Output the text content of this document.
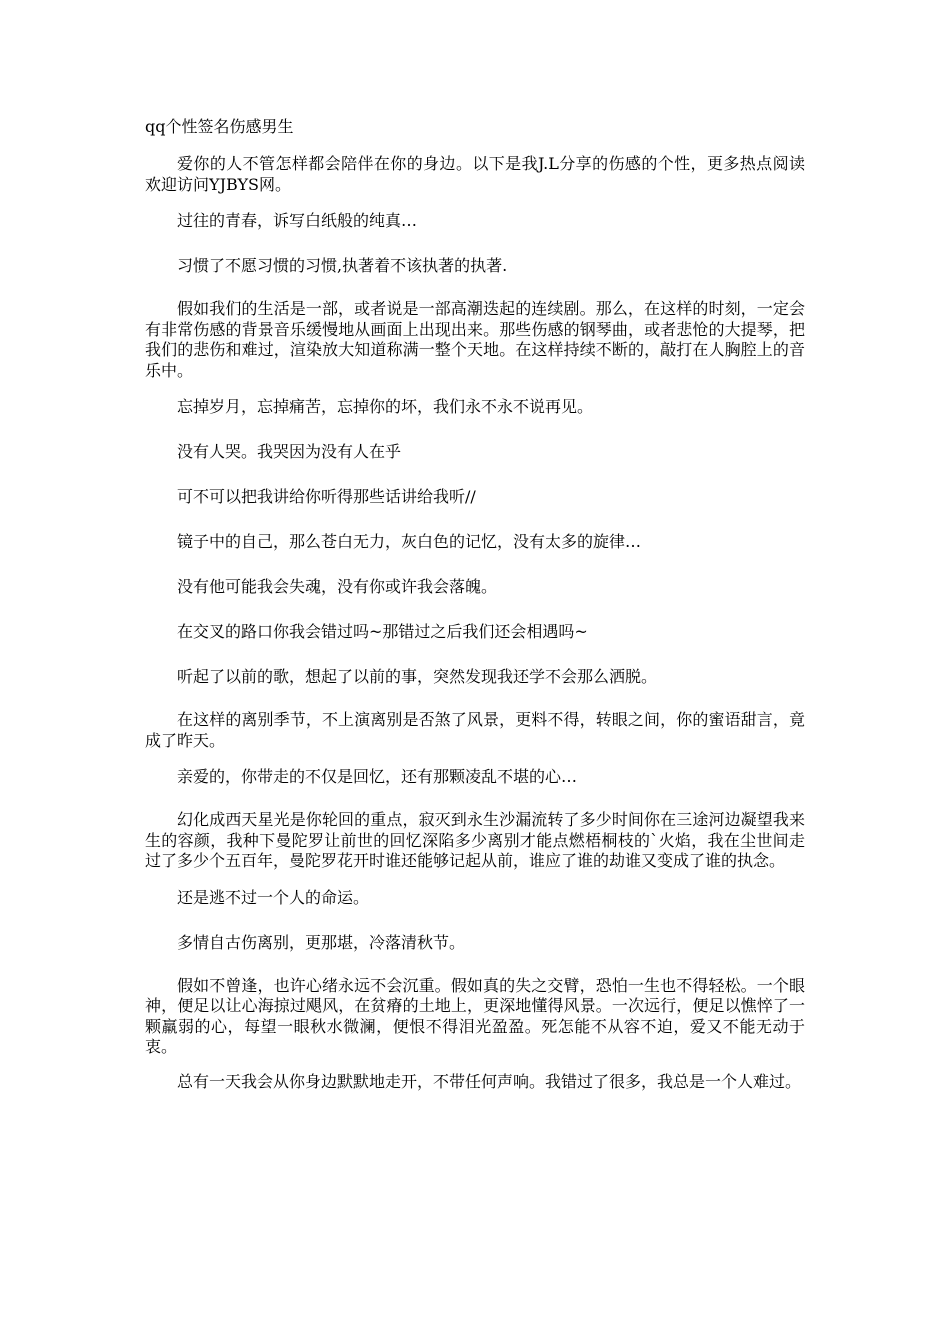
qq个性签名伤感男生

爱你的人不管怎样都会陪伴在你的身边。以下是我J.L分享的伤感的个性，更多热点阅读欢迎访问YJBYS网。

过往的青春，诉写白纸般的纯真…

习惯了不愿习惯的习惯,执著着不该执著的执著.

假如我们的生活是一部，或者说是一部高潮迭起的连续剧。那么，在这样的时刻，一定会有非常伤感的背景音乐缓慢地从画面上出现出来。那些伤感的钢琴曲，或者悲怆的大提琴，把我们的悲伤和难过，渲染放大知道称满一整个天地。在这样持续不断的，敲打在人胸腔上的音乐中。

忘掉岁月，忘掉痛苦，忘掉你的坏，我们永不永不说再见。

没有人哭。我哭因为没有人在乎

可不可以把我讲给你听得那些话讲给我听//

镜子中的自己，那么苍白无力，灰白色的记忆，没有太多的旋律…

没有他可能我会失魂，没有你或许我会落魄。

在交叉的路口你我会错过吗~那错过之后我们还会相遇吗~

听起了以前的歌，想起了以前的事，突然发现我还学不会那么洒脱。

在这样的离别季节，不上演离别是否煞了风景，更料不得，转眼之间，你的蜜语甜言，竟成了昨天。

亲爱的，你带走的不仅是回忆，还有那颗凌乱不堪的心…

幻化成西天星光是你轮回的重点，寂灭到永生沙漏流转了多少时间你在三途河边凝望我来生的容颜，我种下曼陀罗让前世的回忆深陷多少离别才能点燃梧桐枝的`火焰，我在尘世间走过了多少个五百年，曼陀罗花开时谁还能够记起从前，谁应了谁的劫谁又变成了谁的执念。

还是逃不过一个人的命运。

多情自古伤离别，更那堪，冷落清秋节。

假如不曾逢，也许心绪永远不会沉重。假如真的失之交臂，恐怕一生也不得轻松。一个眼神，便足以让心海掠过飓风，在贫瘠的土地上，更深地懂得风景。一次远行，便足以憔悴了一颗羸弱的心，每望一眼秋水微澜，便恨不得泪光盈盈。死怎能不从容不迫，爱又不能无动于衷。

总有一天我会从你身边默默地走开，不带任何声响。我错过了很多，我总是一个人难过。
